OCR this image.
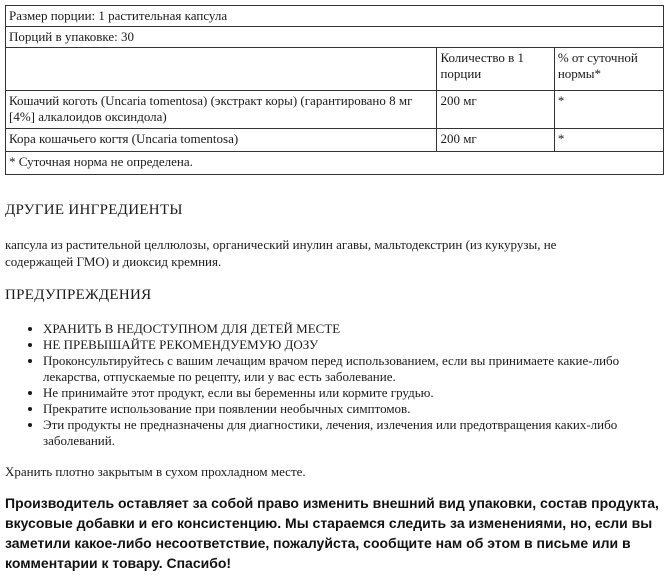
Размер порции: 1 растительная капсула		
Порций в упаковке: 30		
	Количество в 1 порции	% от суточной нормы*
Кошачий коготь (Uncaria tomentosa) (экстракт коры) (гарантировано 8 мг [4%] алкалоидов оксиндола)	200 мг	*
Кора кошачьего когтя (Uncaria tomentosa)	200 мг	*
* Суточная норма не определена.		
ДРУГИЕ ИНГРЕДИЕНТЫ

капсула из растительной целлюлозы, органический инулин агавы, мальтодекстрин (из кукурузы, не содержащей ГМО) и диоксид кремния.

ПРЕДУПРЕЖДЕНИЯ
ХРАНИТЬ В НЕДОСТУПНОМ ДЛЯ ДЕТЕЙ МЕСТЕ
НЕ ПРЕВЫШАЙТЕ РЕКОМЕНДУЕМУЮ ДОЗУ
Проконсультируйтесь с вашим лечащим врачом перед использованием, если вы принимаете какие-либо лекарства, отпускаемые по рецепту, или у вас есть заболевание.
Не принимайте этот продукт, если вы беременны или кормите грудью.
Прекратите использование при появлении необычных симптомов.
Эти продукты не предназначены для диагностики, лечения, излечения или предотвращения каких-либо заболеваний.

Хранить плотно закрытым в сухом прохладном месте.

Производитель оставляет за собой право изменить внешний вид упаковки, состав продукта, вкусовые добавки и его консистенцию. Мы стараемся следить за изменениями, но, если вы заметили какое-либо несоответствие, пожалуйста, сообщите нам об этом в письме или в комментарии к товару. Спасибо!
